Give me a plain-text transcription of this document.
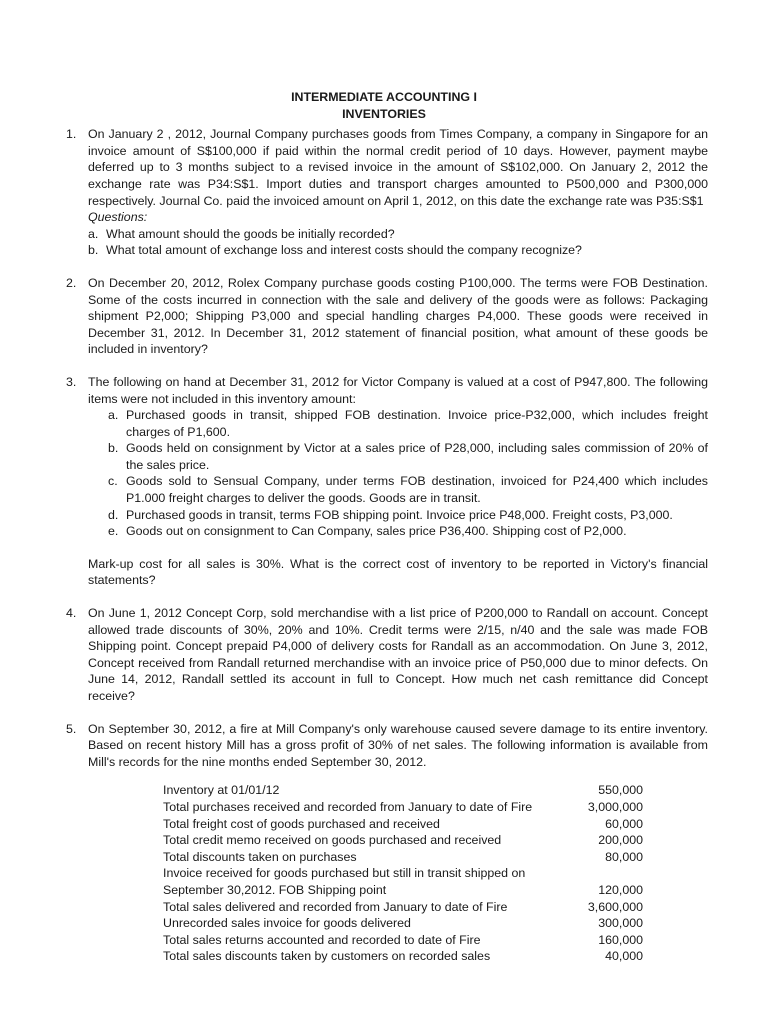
INTERMEDIATE ACCOUNTING I
INVENTORIES
1. On January 2 , 2012, Journal Company purchases goods from Times Company, a company in Singapore for an invoice amount of S$100,000 if paid within the normal credit period of 10 days. However, payment maybe deferred up to 3 months subject to a revised invoice in the amount of S$102,000. On January 2, 2012 the exchange rate was P34:S$1. Import duties and transport charges amounted to P500,000 and P300,000 respectively. Journal Co. paid the invoiced amount on April 1, 2012, on this date the exchange rate was P35:S$1

Questions:

a. What amount should the goods be initially recorded?
b. What total amount of exchange loss and interest costs should the company recognize?
2. On December 20, 2012, Rolex Company purchase goods costing P100,000. The terms were FOB Destination. Some of the costs incurred in connection with the sale and delivery of the goods were as follows: Packaging shipment P2,000; Shipping P3,000 and special handling charges P4,000. These goods were received in December 31, 2012. In December 31, 2012 statement of financial position, what amount of these goods be included in inventory?

3. The following on hand at December 31, 2012 for Victor Company is valued at a cost of P947,800. The following items were not included in this inventory amount:

a. Purchased goods in transit, shipped FOB destination. Invoice price-P32,000, which includes freight charges of P1,600.
b. Goods held on consignment by Victor at a sales price of P28,000, including sales commission of 20% of the sales price.
c. Goods sold to Sensual Company, under terms FOB destination, invoiced for P24,400 which includes P1.000 freight charges to deliver the goods. Goods are in transit.
d. Purchased goods in transit, terms FOB shipping point. Invoice price P48,000. Freight costs, P3,000.
e. Goods out on consignment to Can Company, sales price P36,400. Shipping cost of P2,000.

Mark-up cost for all sales is 30%. What is the correct cost of inventory to be reported in Victory's financial statements?

4. On June 1, 2012 Concept Corp, sold merchandise with a list price of P200,000 to Randall on account. Concept allowed trade discounts of 30%, 20% and 10%. Credit terms were 2/15, n/40 and the sale was made FOB Shipping point. Concept prepaid P4,000 of delivery costs for Randall as an accommodation. On June 3, 2012, Concept received from Randall returned merchandise with an invoice price of P50,000 due to minor defects. On June 14, 2012, Randall settled its account in full to Concept. How much net cash remittance did Concept receive?

5. On September 30, 2012, a fire at Mill Company's only warehouse caused severe damage to its entire inventory. Based on recent history Mill has a gross profit of 30% of net sales. The following information is available from Mill's records for the nine months ended September 30, 2012.

Inventory at 01/01/12	550,000
Total purchases received and recorded from January to date of Fire	3,000,000
Total freight cost of goods purchased and received	60,000
Total credit memo received on goods purchased and received	200,000
Total discounts taken on purchases	80,000
Invoice received for goods purchased but still in transit shipped on September 30,2012. FOB Shipping point	120,000
Total sales delivered and recorded from January to date of Fire	3,600,000
Unrecorded sales invoice for goods delivered	300,000
Total sales returns accounted and recorded to date of Fire	160,000
Total sales discounts taken by customers on recorded sales	40,000
